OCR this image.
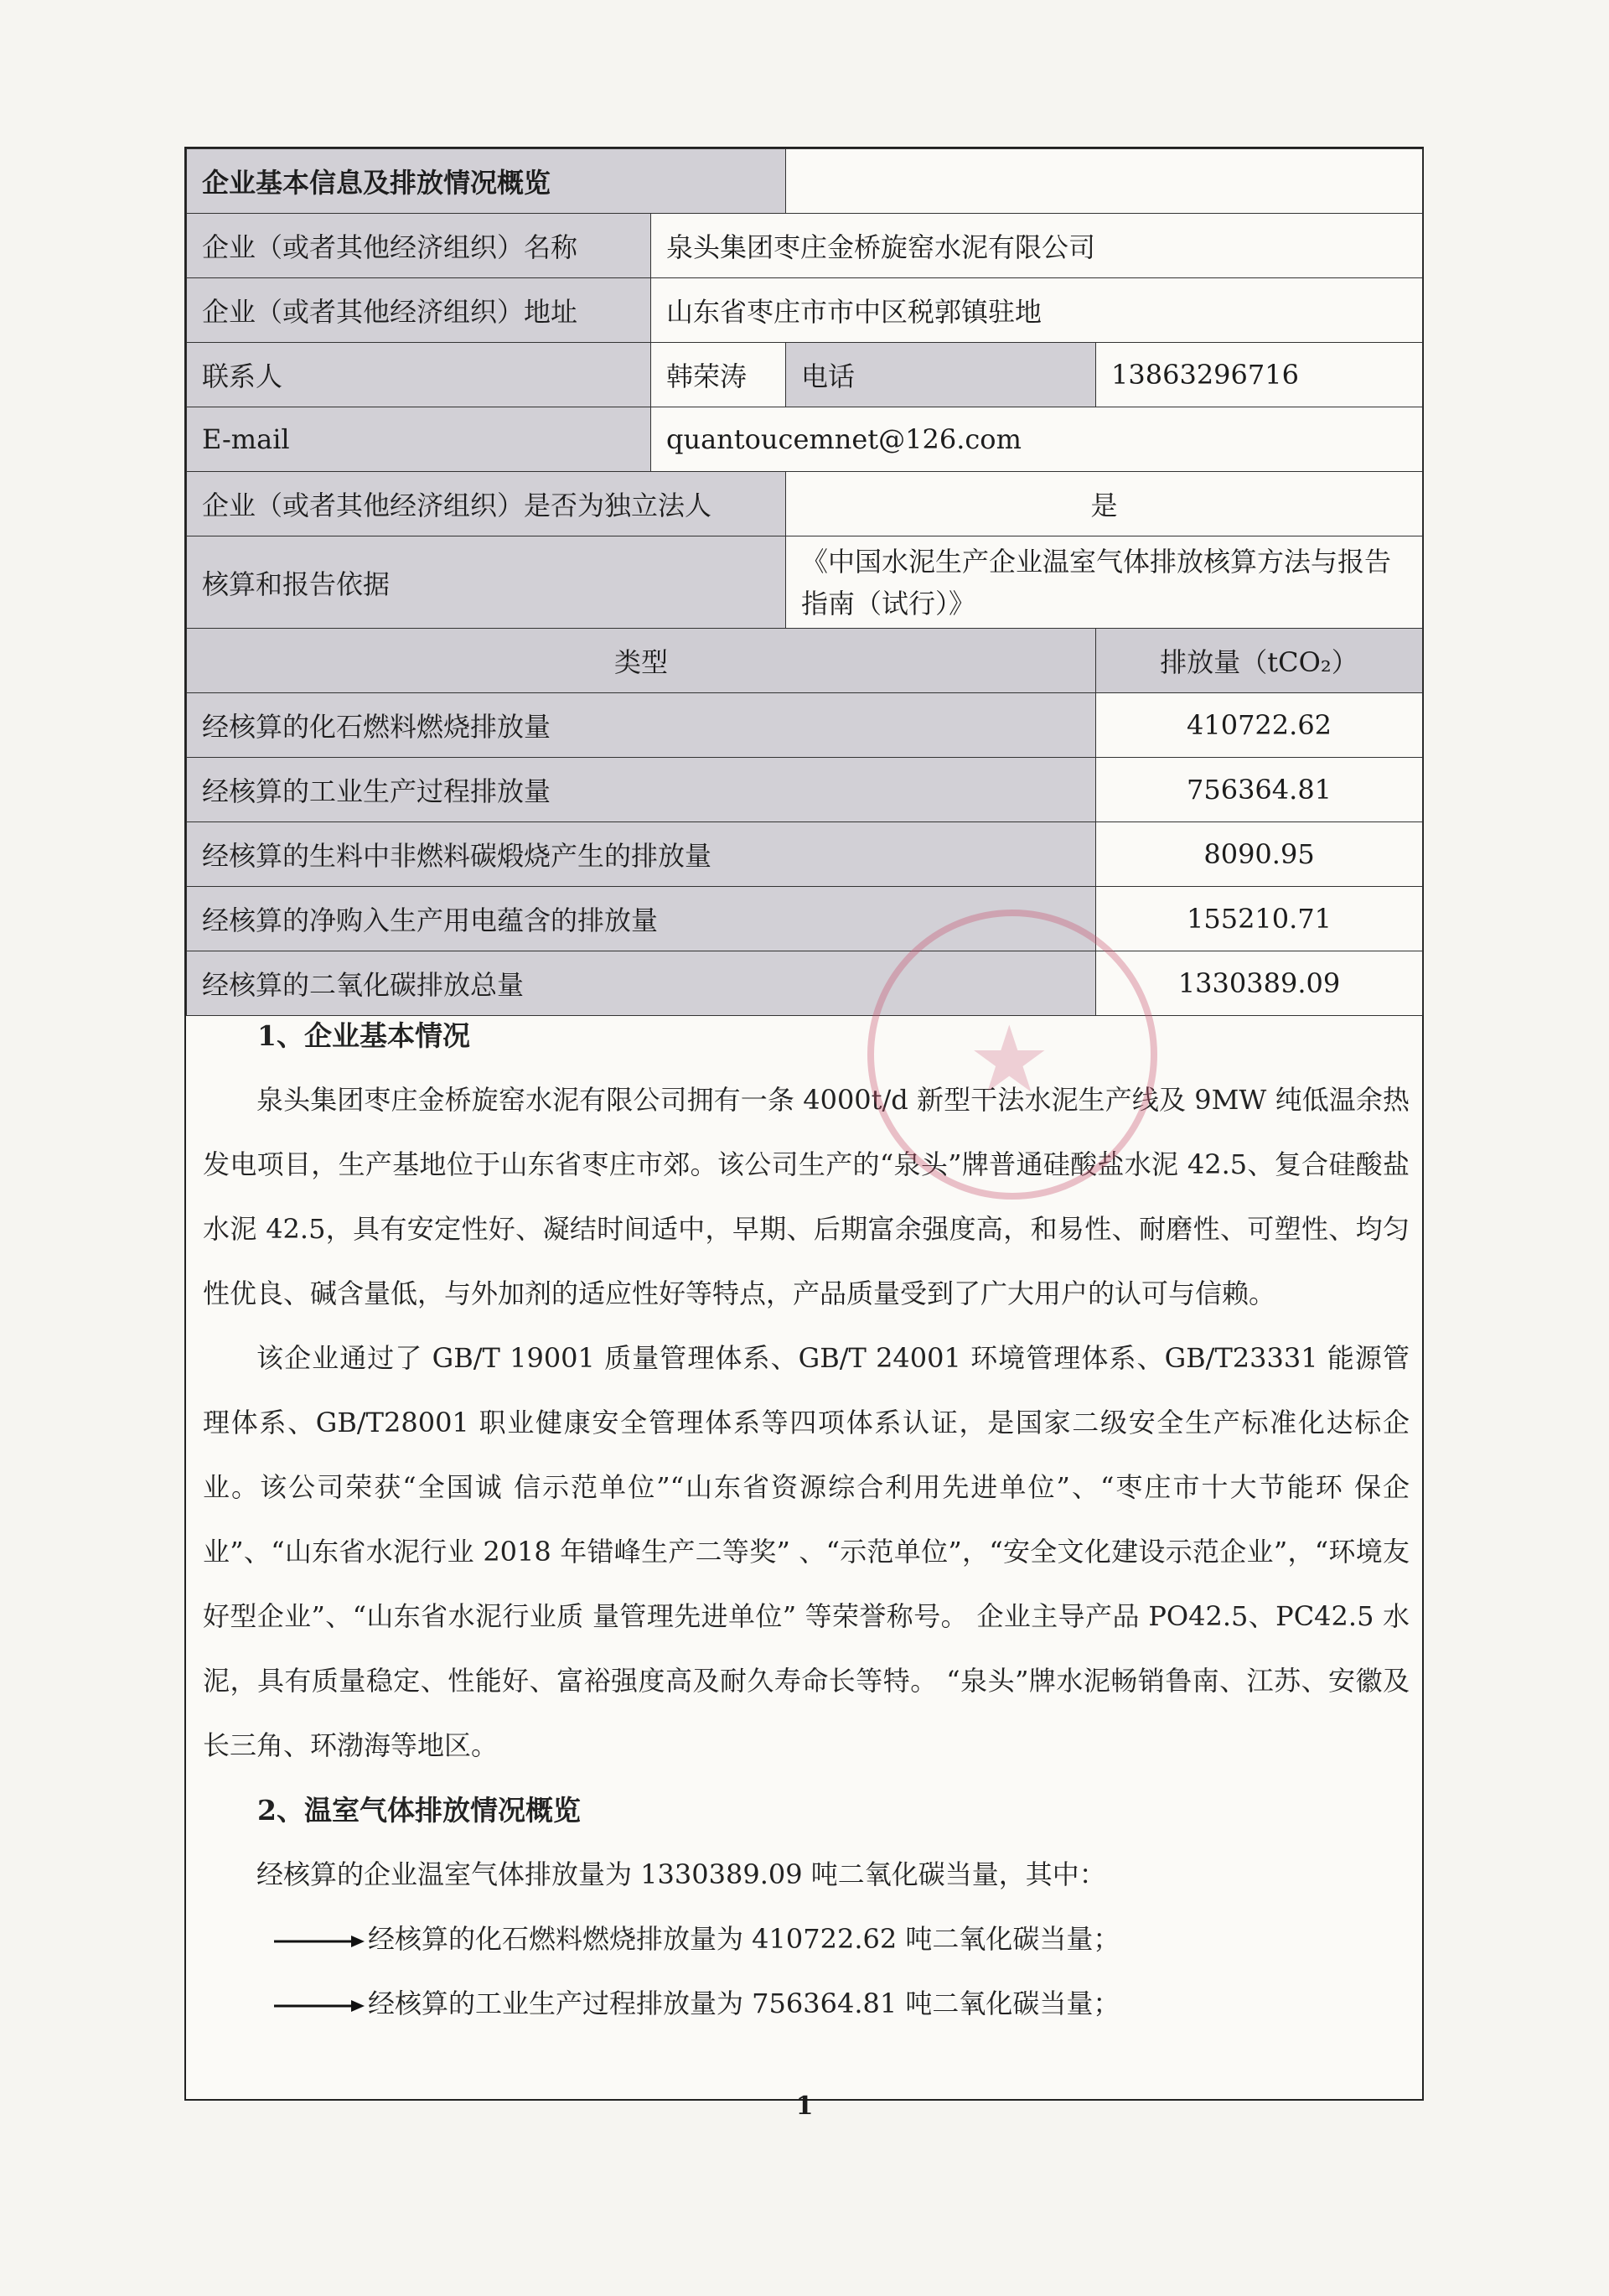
企业基本信息及排放情况概览			
企业（或者其他经济组织）名称	泉头集团枣庄金桥旋窑水泥有限公司		
企业（或者其他经济组织）地址	山东省枣庄市市中区税郭镇驻地		
联系人	韩荣涛	电话	13863296716
E-mail	quantoucemnet@126.com		
企业（或者其他经济组织）是否为独立法人		是	
核算和报告依据		《中国水泥生产企业温室气体排放核算方法与报告指南（试行）》	
类型			排放量（tCO₂）
经核算的化石燃料燃烧排放量			410722.62
经核算的工业生产过程排放量			756364.81
经核算的生料中非燃料碳煅烧产生的排放量			8090.95
经核算的净购入生产用电蕴含的排放量			155210.71
经核算的二氧化碳排放总量			1330389.09
1、企业基本情况

泉头集团枣庄金桥旋窑水泥有限公司拥有一条 4000t/d 新型干法水泥生产线及 9MW 纯低温余热发电项目，生产基地位于山东省枣庄市郊。该公司生产的“泉头”牌普通硅酸盐水泥 42.5、复合硅酸盐水泥 42.5，具有安定性好、凝结时间适中，早期、后期富余强度高，和易性、耐磨性、可塑性、均匀性优良、碱含量低，与外加剂的适应性好等特点，产品质量受到了广大用户的认可与信赖。

该企业通过了 GB/T 19001 质量管理体系、GB/T 24001 环境管理体系、GB/T23331 能源管理体系、GB/T28001 职业健康安全管理体系等四项体系认证，是国家二级安全生产标准化达标企业。该公司荣获“全国诚 信示范单位”“山东省资源综合利用先进单位”、“枣庄市十大节能环 保企业”、“山东省水泥行业 2018 年错峰生产二等奖” 、“示范单位”，“安全文化建设示范企业”，“环境友好型企业”、“山东省水泥行业质 量管理先进单位” 等荣誉称号。 企业主导产品 PO42.5、PC42.5 水泥，具有质量稳定、性能好、富裕强度高及耐久寿命长等特。 “泉头”牌水泥畅销鲁南、江苏、安徽及长三角、环渤海等地区。

2、温室气体排放情况概览

经核算的企业温室气体排放量为 1330389.09 吨二氧化碳当量，其中：

经核算的化石燃料燃烧排放量为 410722.62 吨二氧化碳当量；

经核算的工业生产过程排放量为 756364.81 吨二氧化碳当量；

★
1
